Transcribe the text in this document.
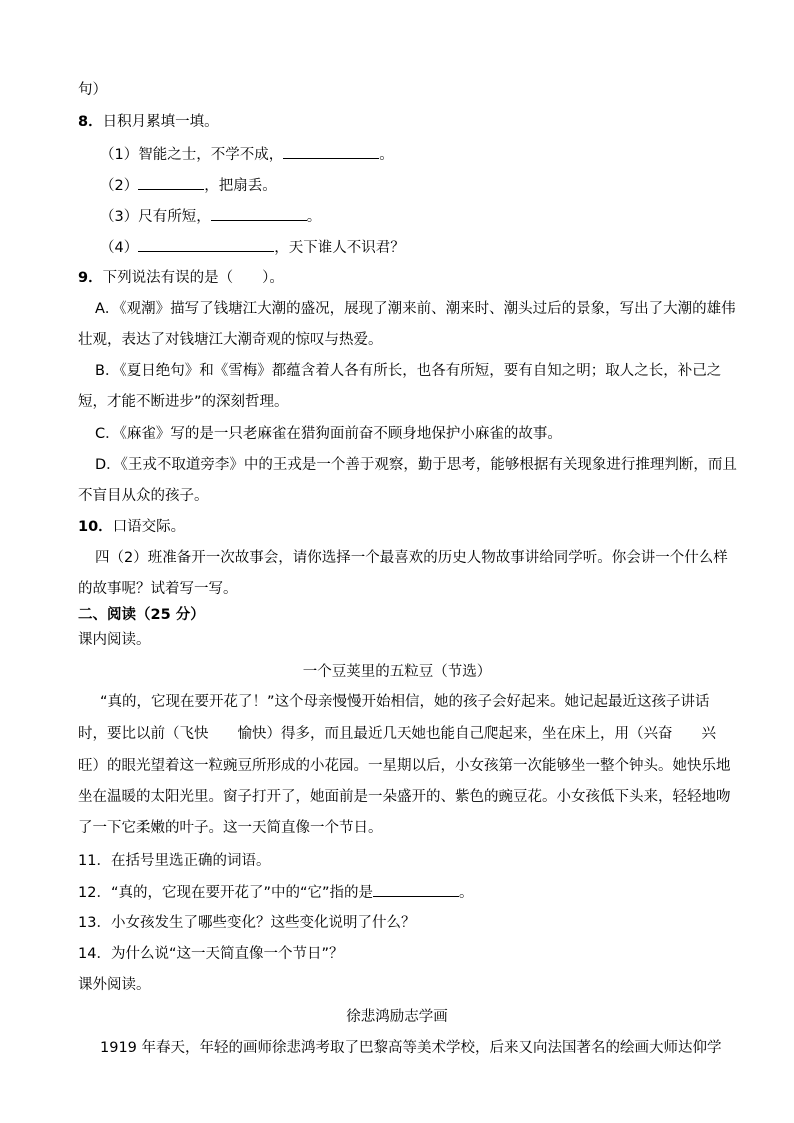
句）
8．日积月累填一填。
（1）智能之士，不学不成，	。
（2）	，把扇丢。
（3）尺有所短，	。
（4）	，天下谁人不识君？
9．下列说法有误的是（　　）。
A．《观潮》描写了钱塘江大潮的盛况，展现了潮来前、潮来时、潮头过后的景象，写出了大潮的雄伟
壮观，表达了对钱塘江大潮奇观的惊叹与热爱。
B．《夏日绝句》和《雪梅》都蕴含着人各有所长，也各有所短，要有自知之明；取人之长，补己之
短，才能不断进步”的深刻哲理。
C．《麻雀》写的是一只老麻雀在猎狗面前奋不顾身地保护小麻雀的故事。
D．《王戎不取道旁李》中的王戎是一个善于观察，勤于思考，能够根据有关现象进行推理判断，而且
不盲目从众的孩子。
10．口语交际。
四（2）班准备开一次故事会，请你选择一个最喜欢的历史人物故事讲给同学听。你会讲一个什么样
的故事呢？试着写一写。
二、阅读（25 分）
课内阅读。
一个豆荚里的五粒豆（节选）
“真的，它现在要开花了！”这个母亲慢慢开始相信，她的孩子会好起来。她记起最近这孩子讲话
时，要比以前（飞快　　愉快）得多，而且最近几天她也能自己爬起来，坐在床上，用（兴奋　　兴
旺）的眼光望着这一粒豌豆所形成的小花园。一星期以后，小女孩第一次能够坐一整个钟头。她快乐地
坐在温暖的太阳光里。窗子打开了，她面前是一朵盛开的、紫色的豌豆花。小女孩低下头来，轻轻地吻
了一下它柔嫩的叶子。这一天简直像一个节日。
11．在括号里选正确的词语。
12．“真的，它现在要开花了”中的“它”指的是	。
13．小女孩发生了哪些变化？这些变化说明了什么？
14．为什么说“这一天简直像一个节日”？
课外阅读。
徐悲鸿励志学画
1919 年春天，年轻的画师徐悲鸿考取了巴黎高等美术学校，后来又向法国著名的绘画大师达仰学
